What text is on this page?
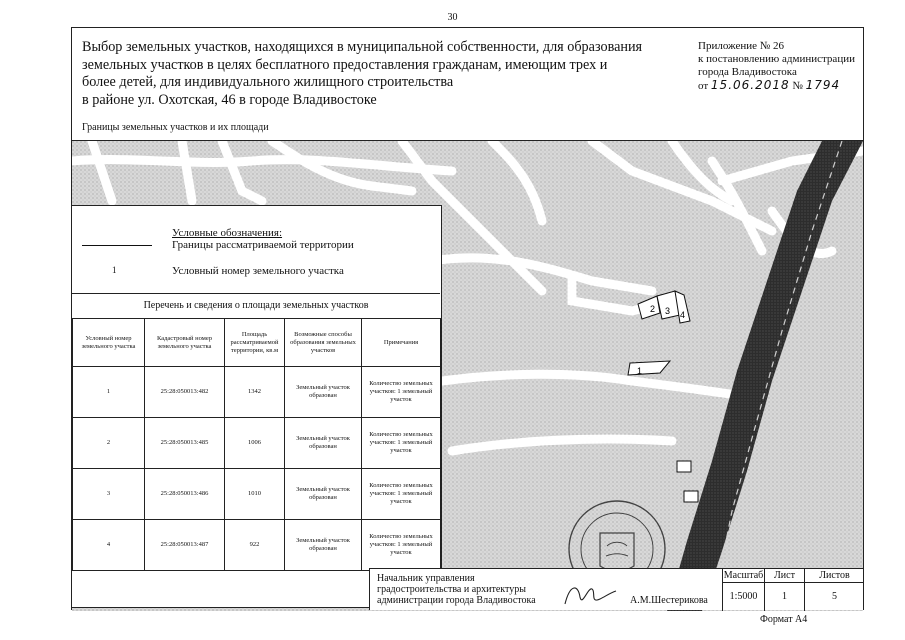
30
Выбор земельных участков, находящихся в муниципальной собственности, для образования
земельных участков в целях бесплатного предоставления гражданам, имеющим трех и
более детей, для индивидуального жилищного строительства
в районе ул. Охотская, 46 в городе Владивостоке
Приложение № 26
к постановлению администрации
города Владивостока
от 15.06.2018 № 1794
Границы земельных участков и их площади
2 3 4
1
Условные обозначения:
Границы рассматриваемой территории
1	Условный номер земельного участка
Перечень и сведения о площади земельных участков
Условный номер земельного участка	Кадастровый номер земельного участка	Площадь рассматриваемой территории, кв.м	Возможные способы образования земельных участков	Примечания
1	25:28:050013:482	1342	Земельный участок образован	Количество земельных участков: 1 земельный участок
2	25:28:050013:485	1006	Земельный участок образован	Количество земельных участков: 1 земельный участок
3	25:28:050013:486	1010	Земельный участок образован	Количество земельных участков: 1 земельный участок
4	25:28:050013:487	922	Земельный участок образован	Количество земельных участков: 1 земельный участок
Начальник управления
градостроительства и архитектуры
администрации города Владивостока	А.М.Шестерикова
Масштаб	Лист	Листов
1:5000	1	5
Формат А4
